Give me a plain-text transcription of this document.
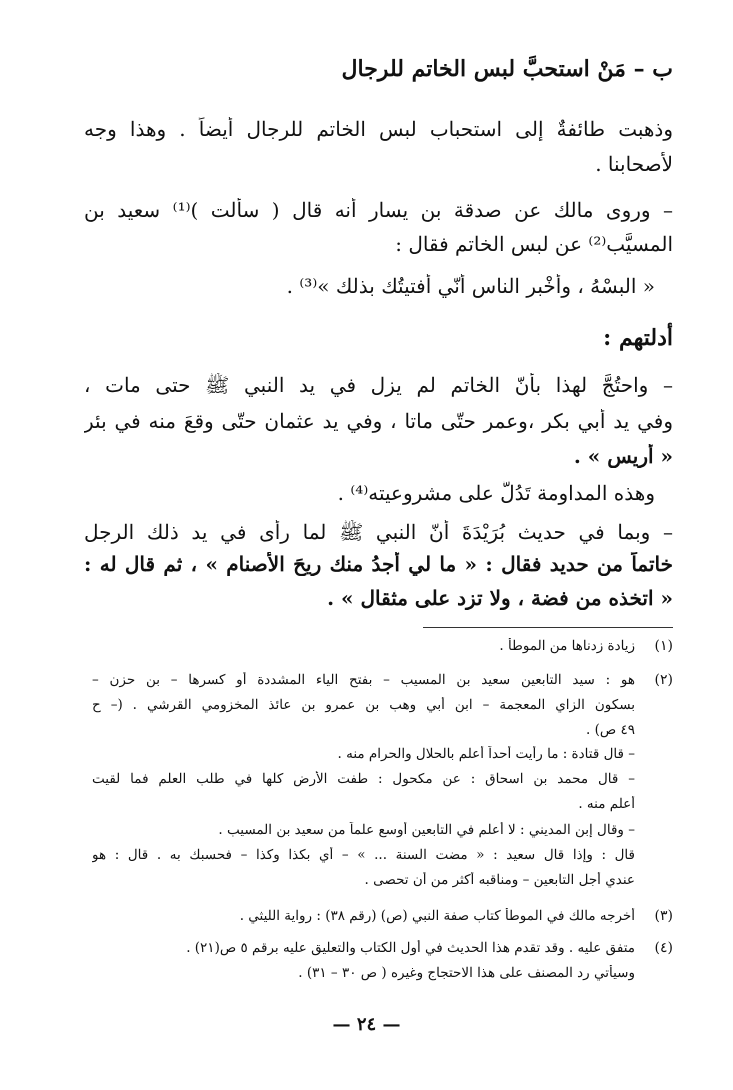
ب – مَنْ استحبَّ لبس الخاتم للرجال
وذهبت طائفةٌ إلى استحباب لبس الخاتم للرجال أيضاً . وهذا وجه
لأصحابنا .
– وروى مالك عن صدقة بن يسار أنه قال ( سألت )⁽¹⁾ سعيد بن
المسيَّب⁽²⁾ عن لبس الخاتم فقال :
« البسْهُ ، وأخْبر الناس أنّي أفتيتُك بذلك »⁽³⁾ .
أدلتهم :
– واحتُجَّ لهذا بأنّ الخاتم لم يزل في يد النبي ﷺ حتى مات ،
وفي يد أبي بكر ،وعمر حتّى ماتا ، وفي يد عثمان حتّى وقعَ منه في بئر
« أريس » .
وهذه المداومة تَدُلُّ على مشروعيته⁽⁴⁾ .
– وبما في حديث بُرَيْدَةَ أنّ النبي ﷺ لما رأى في يد ذلك الرجل
خاتماً من حديد فقال : « ما لي أجدُ منك ريحَ الأصنام » ، ثم قال له :
« اتخذه من فضة ، ولا تزد على مثقال » .
(١)
زيادة زدناها من الموطأ .
(٢)
هو : سيد التابعين سعيد بن المسيب – بفتح الياء المشددة أو كسرها – بن حزن –
بسكون الزاي المعجمة – ابن أبي وهب بن عمرو بن عائذ المخزومي القرشي . (– ح
٤٩ ص) .
– قال قتادة : ما رأيت أحداً أعلم بالحلال والحرام منه .
– قال محمد بن اسحاق : عن مكحول : طفت الأرض كلها في طلب العلم فما لقيت
أعلم منه .
– وقال إبن المديني : لا أعلم في التابعين أوسع علماً من سعيد بن المسيب .
قال : وإذا قال سعيد : « مضت السنة ... » – أي بكذا وكذا – فحسبك به . قال : هو
عندي أجل التابعين – ومناقبه أكثر من أن تحصى .
(٣)
أخرجه مالك في الموطأ كتاب صفة النبي (ص) (رقم ٣٨) : رواية الليثي .
(٤)
متفق عليه . وقد تقدم هذا الحديث في أول الكتاب والتعليق عليه برقم ٥ ص(٢١) .
وسيأتي رد المصنف على هذا الاحتجاج وغيره ( ص ٣٠ – ٣١) .
— ٢٤ —
